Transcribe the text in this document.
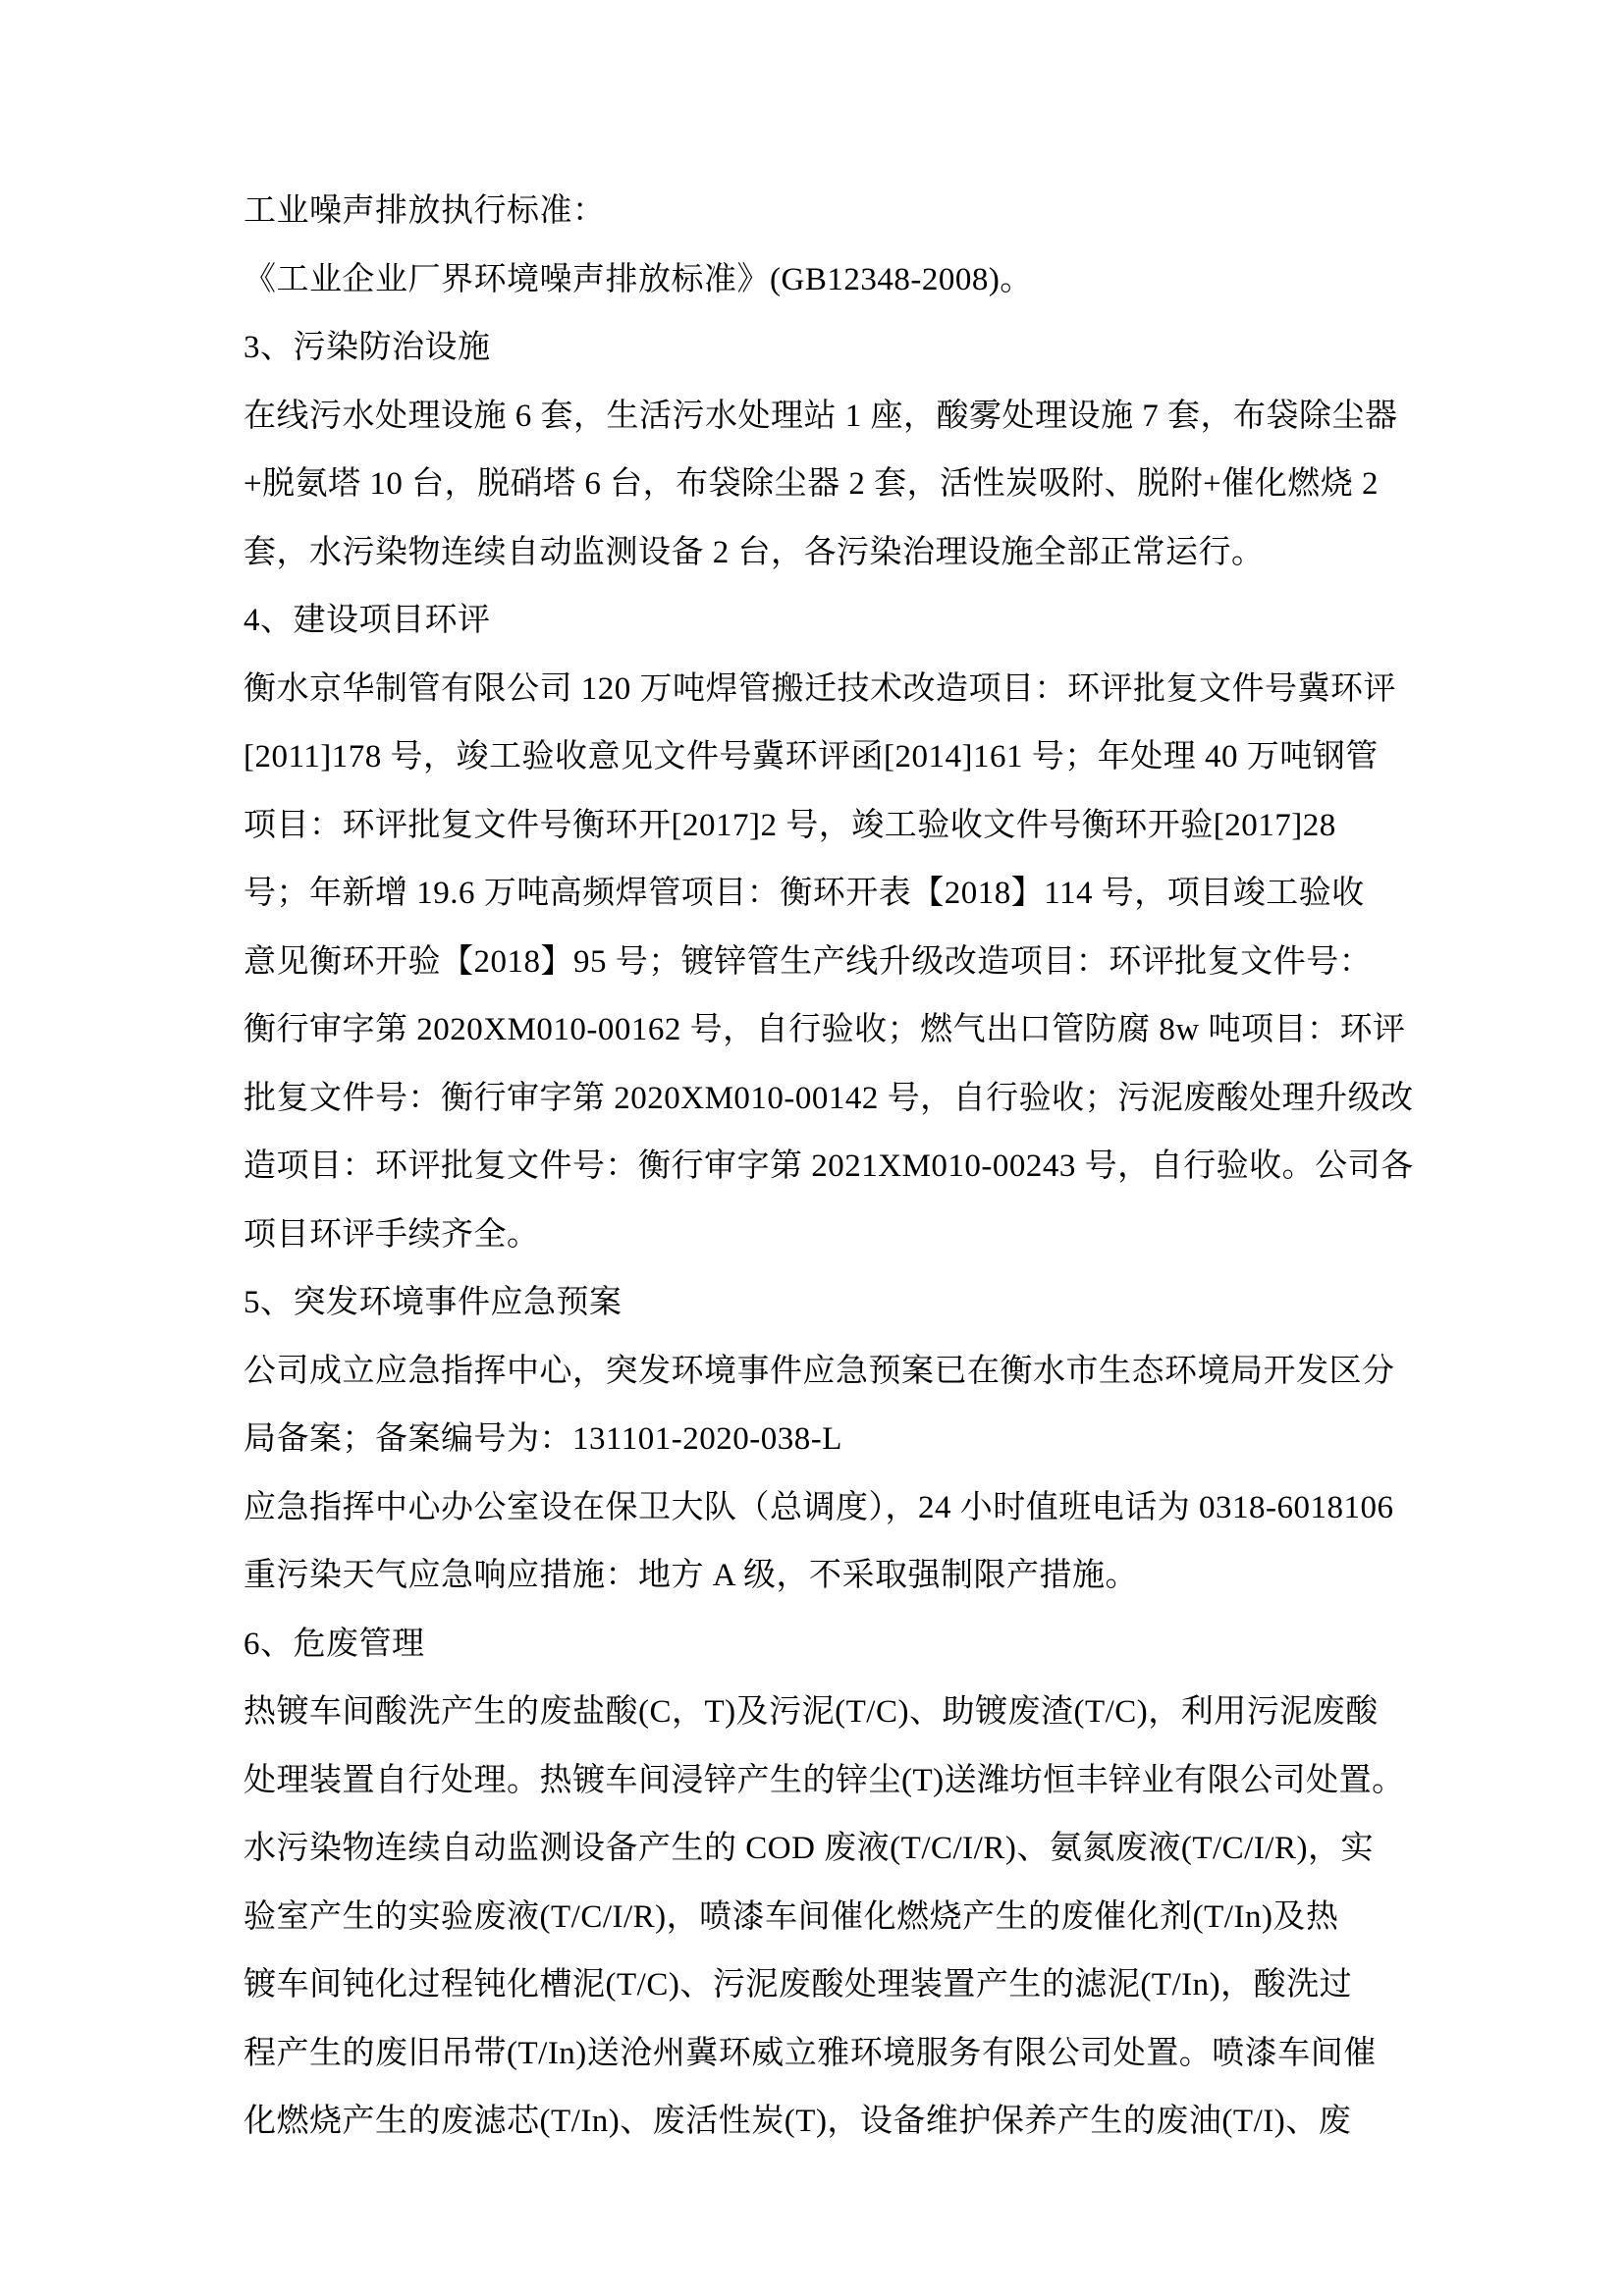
工业噪声排放执行标准：
《工业企业厂界环境噪声排放标准》(GB12348-2008)。
3、污染防治设施
在线污水处理设施 6 套，生活污水处理站 1 座，酸雾处理设施 7 套，布袋除尘器
+脱氨塔 10 台，脱硝塔 6 台，布袋除尘器 2 套，活性炭吸附、脱附+催化燃烧 2
套，水污染物连续自动监测设备 2 台，各污染治理设施全部正常运行。
4、建设项目环评
衡水京华制管有限公司 120 万吨焊管搬迁技术改造项目：环评批复文件号冀环评
[2011]178 号，竣工验收意见文件号冀环评函[2014]161 号；年处理 40 万吨钢管
项目：环评批复文件号衡环开[2017]2 号，竣工验收文件号衡环开验[2017]28
号；年新增 19.6 万吨高频焊管项目：衡环开表【2018】114 号，项目竣工验收
意见衡环开验【2018】95 号；镀锌管生产线升级改造项目：环评批复文件号：
衡行审字第 2020XM010-00162 号，自行验收；燃气出口管防腐 8w 吨项目：环评
批复文件号：衡行审字第 2020XM010-00142 号，自行验收；污泥废酸处理升级改
造项目：环评批复文件号：衡行审字第 2021XM010-00243 号，自行验收。公司各
项目环评手续齐全。
5、突发环境事件应急预案
公司成立应急指挥中心，突发环境事件应急预案已在衡水市生态环境局开发区分
局备案；备案编号为：131101-2020-038-L
应急指挥中心办公室设在保卫大队（总调度），24 小时值班电话为 0318-6018106
重污染天气应急响应措施：地方 A 级，不采取强制限产措施。
6、危废管理
热镀车间酸洗产生的废盐酸(C，T)及污泥(T/C)、助镀废渣(T/C)，利用污泥废酸
处理装置自行处理。热镀车间浸锌产生的锌尘(T)送潍坊恒丰锌业有限公司处置。
水污染物连续自动监测设备产生的 COD 废液(T/C/I/R)、氨氮废液(T/C/I/R)，实
验室产生的实验废液(T/C/I/R)，喷漆车间催化燃烧产生的废催化剂(T/In)及热
镀车间钝化过程钝化槽泥(T/C)、污泥废酸处理装置产生的滤泥(T/In)，酸洗过
程产生的废旧吊带(T/In)送沧州冀环威立雅环境服务有限公司处置。喷漆车间催
化燃烧产生的废滤芯(T/In)、废活性炭(T)，设备维护保养产生的废油(T/I)、废
